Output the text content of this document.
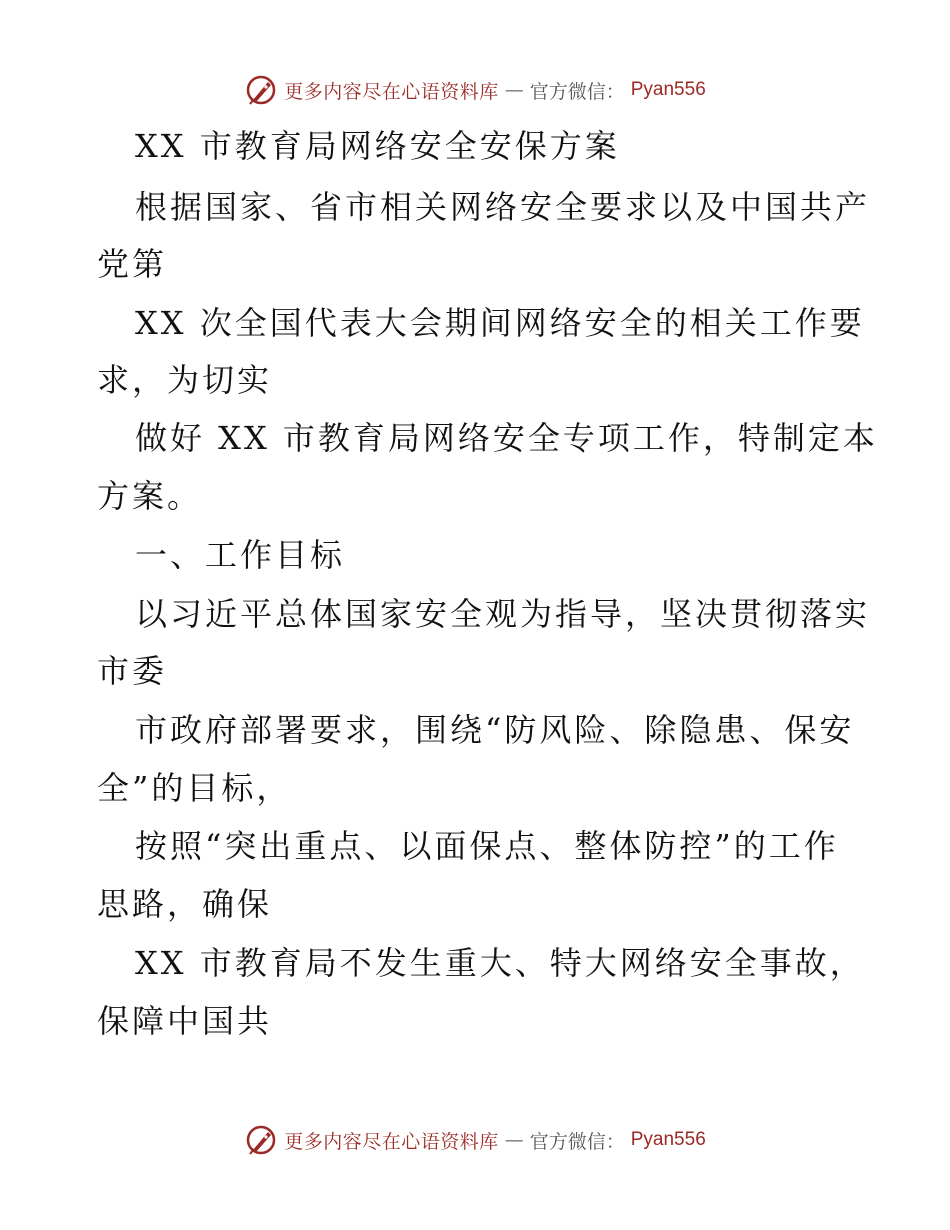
更多内容尽在心语资料库 — 官方微信： Pyan556
XX 市教育局网络安全安保方案
根据国家、省市相关网络安全要求以及中国共产
党第
XX 次全国代表大会期间网络安全的相关工作要
求，为切实
做好 XX 市教育局网络安全专项工作，特制定本
方案。
一、工作目标
以习近平总体国家安全观为指导，坚决贯彻落实
市委
市政府部署要求，围绕“防风险、除隐患、保安
全”的目标，
按照“突出重点、以面保点、整体防控”的工作
思路，确保
XX 市教育局不发生重大、特大网络安全事故，
保障中国共
更多内容尽在心语资料库 — 官方微信： Pyan556
